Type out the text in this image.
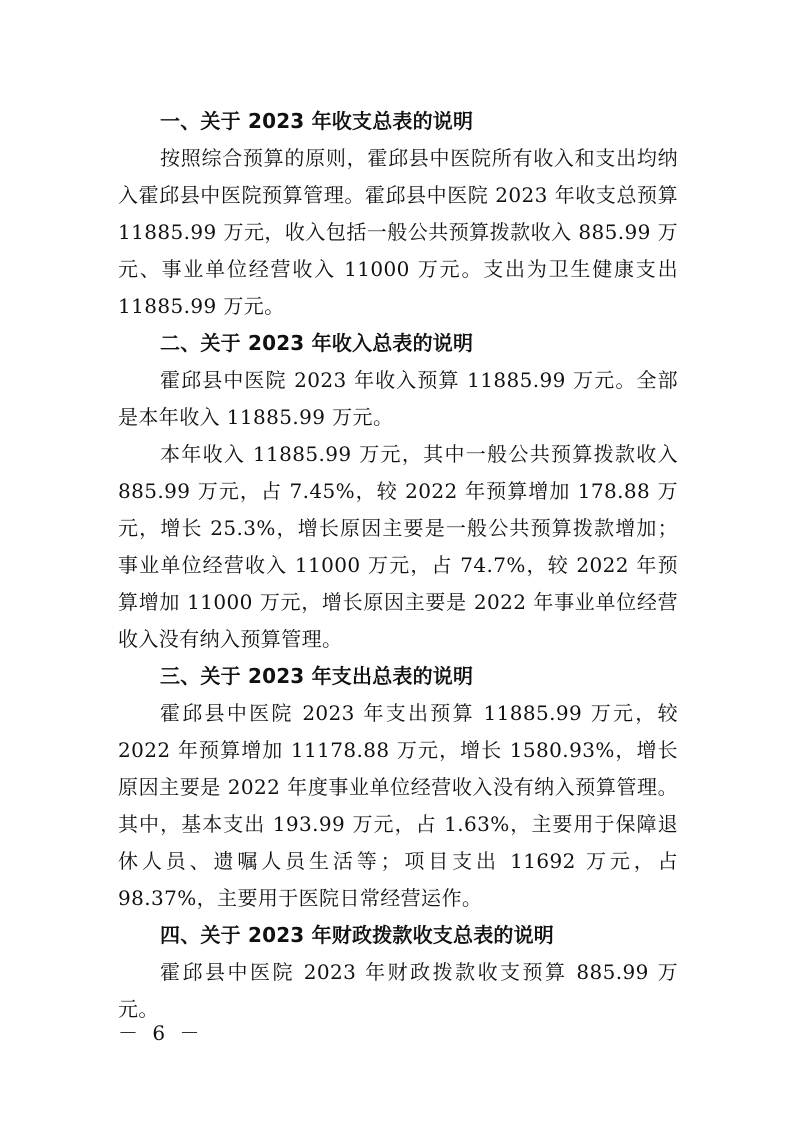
一、关于 2023 年收支总表的说明

按照综合预算的原则，霍邱县中医院所有收入和支出均纳入霍邱县中医院预算管理。霍邱县中医院 2023 年收支总预算 11885.99 万元，收入包括一般公共预算拨款收入 885.99 万元、事业单位经营收入 11000 万元。支出为卫生健康支出 11885.99 万元。

二、关于 2023 年收入总表的说明

霍邱县中医院 2023 年收入预算 11885.99 万元。全部是本年收入 11885.99 万元。

本年收入 11885.99 万元，其中一般公共预算拨款收入 885.99 万元，占 7.45%，较 2022 年预算增加 178.88 万元，增长 25.3%，增长原因主要是一般公共预算拨款增加；事业单位经营收入 11000 万元，占 74.7%，较 2022 年预算增加 11000 万元，增长原因主要是 2022 年事业单位经营收入没有纳入预算管理。

三、关于 2023 年支出总表的说明

霍邱县中医院 2023 年支出预算 11885.99 万元，较 2022 年预算增加 11178.88 万元，增长 1580.93%，增长原因主要是 2022 年度事业单位经营收入没有纳入预算管理。其中，基本支出 193.99 万元，占 1.63%，主要用于保障退休人员、遗嘱人员生活等；项目支出 11692 万元，占 98.37%，主要用于医院日常经营运作。

四、关于 2023 年财政拨款收支总表的说明

霍邱县中医院 2023 年财政拨款收支预算 885.99 万元。

－ 6 －
